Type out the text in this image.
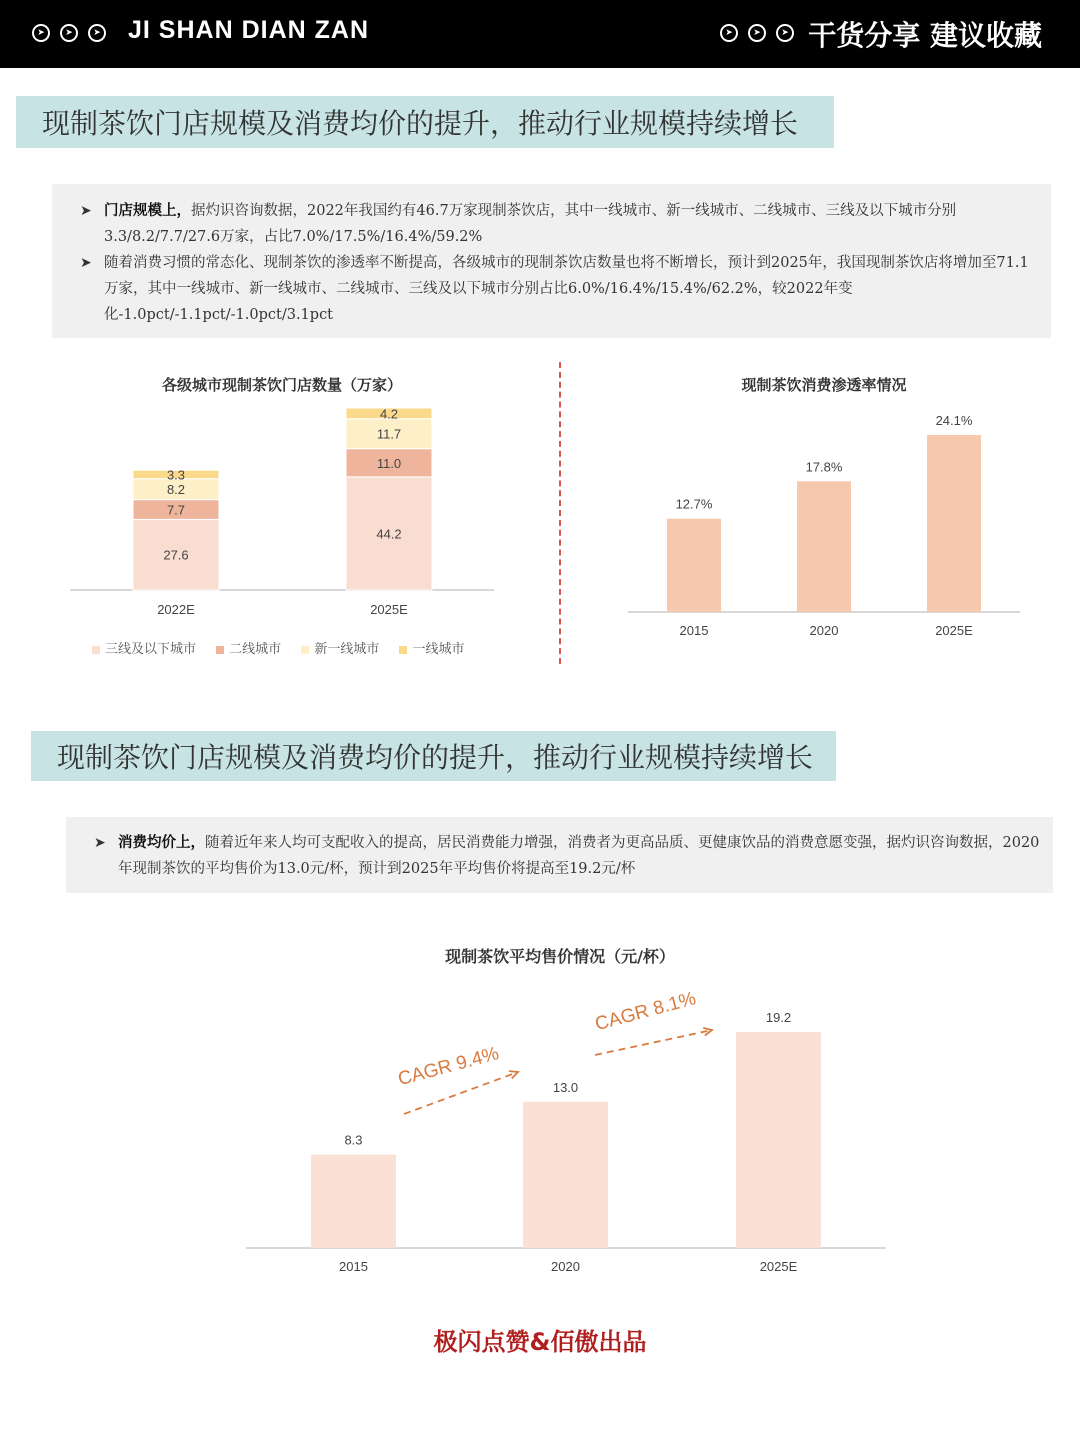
➤	➤	➤ JI SHAN DIAN ZAN	➤	➤	➤ 干货分享 建议收藏
现制茶饮门店规模及消费均价的提升，推动行业规模持续增长
➤ 门店规模上，据灼识咨询数据，2022年我国约有46.7万家现制茶饮店，其中一线城市、新一线城市、二线城市、三线及以下城市分别3.3/8.2/7.7/27.6万家，占比7.0%/17.5%/16.4%/59.2%
➤ 随着消费习惯的常态化、现制茶饮的渗透率不断提高，各级城市的现制茶饮店数量也将不断增长，预计到2025年，我国现制茶饮店将增加至71.1万家，其中一线城市、新一线城市、二线城市、三线及以下城市分别占比6.0%/16.4%/15.4%/62.2%，较2022年变化-1.0pct/-1.1pct/-1.0pct/3.1pct
各级城市现制茶饮门店数量（万家）
27.6
7.7
8.2
3.3
2022E
44.2
11.0
11.7
4.2
2025E
12.7%
2015
17.8%
2020
24.1%
2025E
8.3
2015
13.0
2020
19.2
2025E
CAGR 9.4%
CAGR 8.1%
三线及以下城市	二线城市	新一线城市	一线城市
现制茶饮消费渗透率情况
现制茶饮门店规模及消费均价的提升，推动行业规模持续增长
➤ 消费均价上，随着近年来人均可支配收入的提高，居民消费能力增强，消费者为更高品质、更健康饮品的消费意愿变强，据灼识咨询数据，2020年现制茶饮的平均售价为13.0元/杯，预计到2025年平均售价将提高至19.2元/杯
现制茶饮平均售价情况（元/杯）
极闪点赞&佰傲出品
